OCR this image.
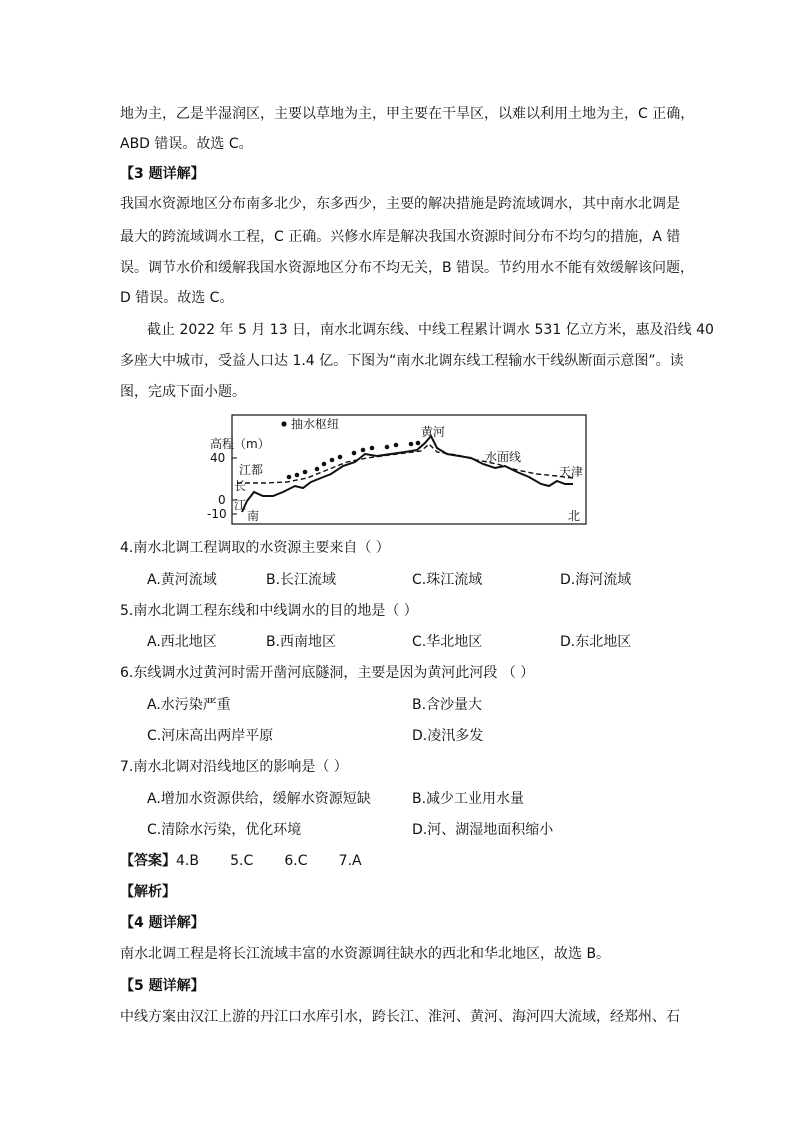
地为主，乙是半湿润区，主要以草地为主，甲主要在干旱区，以难以利用土地为主，C 正确，
ABD 错误。故选 C。
【3 题详解】
我国水资源地区分布南多北少，东多西少，主要的解决措施是跨流域调水，其中南水北调是
最大的跨流域调水工程，C 正确。兴修水库是解决我国水资源时间分布不均匀的措施，A 错
误。调节水价和缓解我国水资源地区分布不均无关，B 错误。节约用水不能有效缓解该问题，
D 错误。故选 C。
截止 2022 年 5 月 13 日，南水北调东线、中线工程累计调水 531 亿立方米，惠及沿线 40
多座大中城市，受益人口达 1.4 亿。下图为“南水北调东线工程输水干线纵断面示意图”。读
图，完成下面小题。
4.南水北调工程调取的水资源主要来自（ ）
A.黄河流域	B.长江流域	C.珠江流域	D.海河流域
5.南水北调工程东线和中线调水的目的地是（ ）
A.西北地区	B.西南地区	C.华北地区	D.东北地区
6.东线调水过黄河时需开凿河底隧洞，主要是因为黄河此河段 （ ）
A.水污染严重	B.含沙量大
C.河床高出两岸平原	D.凌汛多发
7.南水北调对沿线地区的影响是（ ）
A.增加水资源供给，缓解水资源短缺	B.减少工业用水量
C.清除水污染，优化环境	D.河、湖湿地面积缩小
【答案】4.B       5.C       6.C       7.A
【解析】
【4 题详解】
南水北调工程是将长江流域丰富的水资源调往缺水的西北和华北地区，故选 B。
【5 题详解】
中线方案由汉江上游的丹江口水库引水，跨长江、淮河、黄河、海河四大流域，经郑州、石
抽水枢纽
高程（m）
40
0
-10
江都
长
江
黄河
水面线
天津
南	北
